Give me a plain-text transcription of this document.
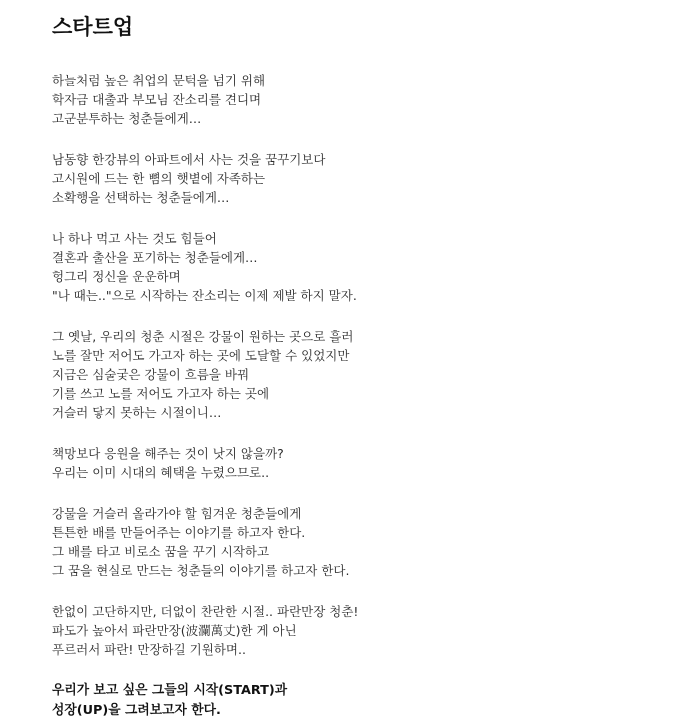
스타트업
하늘처럼 높은 취업의 문턱을 넘기 위해
학자금 대출과 부모님 잔소리를 견디며
고군분투하는 청춘들에게…
남동향 한강뷰의 아파트에서 사는 것을 꿈꾸기보다
고시원에 드는 한 뼘의 햇볕에 자족하는
소확행을 선택하는 청춘들에게…
나 하나 먹고 사는 것도 힘들어
결혼과 출산을 포기하는 청춘들에게…
헝그리 정신을 운운하며
"나 때는.."으로 시작하는 잔소리는 이제 제발 하지 말자.
그 옛날, 우리의 청춘 시절은 강물이 원하는 곳으로 흘러
노를 잘만 저어도 가고자 하는 곳에 도달할 수 있었지만
지금은 심술궂은 강물이 흐름을 바꿔
기를 쓰고 노를 저어도 가고자 하는 곳에
거슬러 닿지 못하는 시절이니…
책망보다 응원을 해주는 것이 낫지 않을까?
우리는 이미 시대의 혜택을 누렸으므로..
강물을 거슬러 올라가야 할 힘겨운 청춘들에게
튼튼한 배를 만들어주는 이야기를 하고자 한다.
그 배를 타고 비로소 꿈을 꾸기 시작하고
그 꿈을 현실로 만드는 청춘들의 이야기를 하고자 한다.
한없이 고단하지만, 더없이 찬란한 시절.. 파란만장 청춘!
파도가 높아서 파란만장(波瀾萬丈)한 게 아닌
푸르러서 파란! 만장하길 기원하며..
우리가 보고 싶은 그들의 시작(START)과
성장(UP)을 그려보고자 한다.
